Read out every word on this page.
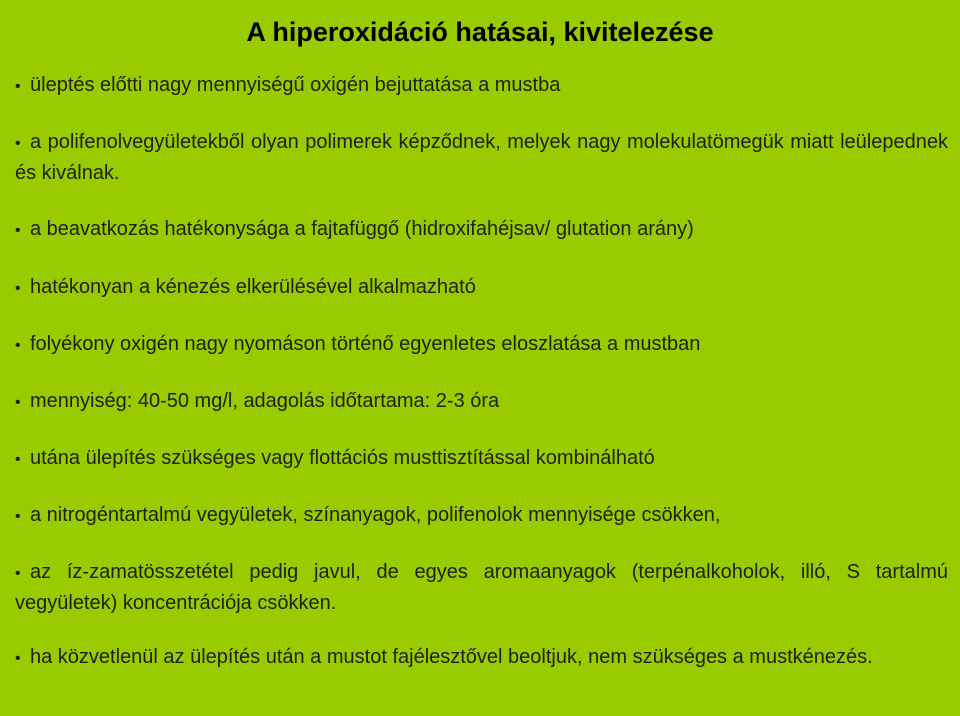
A hiperoxidáció hatásai, kivitelezése

• üleptés előtti nagy mennyiségű oxigén bejuttatása a mustba

• a polifenolvegyületekből olyan polimerek képződnek, melyek nagy molekulatömegük miatt leülepednek és kiválnak.

• a beavatkozás hatékonysága a fajtafüggő (hidroxifahéjsav/ glutation arány)

• hatékonyan a kénezés elkerülésével alkalmazható

• folyékony oxigén nagy nyomáson történő egyenletes eloszlatása a mustban

• mennyiség: 40-50 mg/l, adagolás időtartama: 2-3 óra

• utána ülepítés szükséges vagy flottációs musttisztítással kombinálható

• a nitrogéntartalmú vegyületek, színanyagok, polifenolok mennyisége csökken,

• az íz-zamatösszetétel pedig javul, de egyes aromaanyagok (terpénalkoholok, illó, S tartalmú vegyületek) koncentrációja csökken.

• ha közvetlenül az ülepítés után a mustot fajélesztővel beoltjuk, nem szükséges a mustkénezés.
